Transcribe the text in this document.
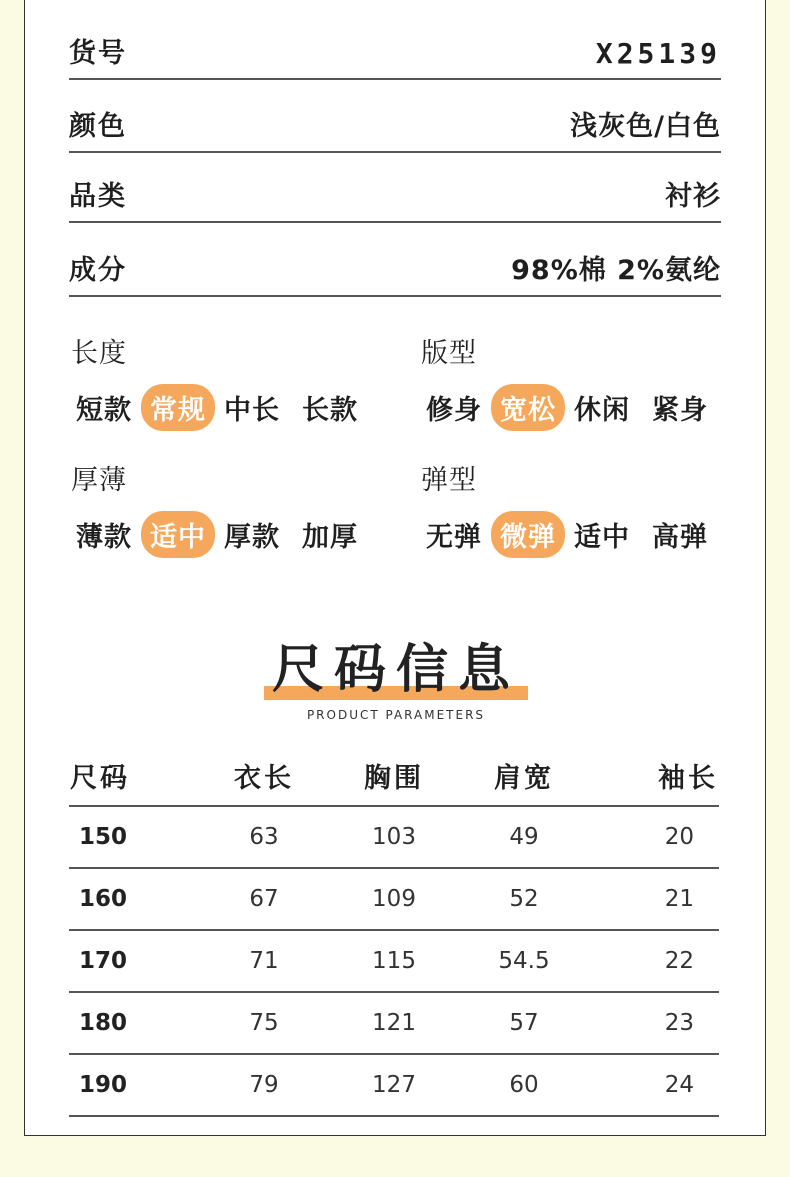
货号	X25139
颜色	浅灰色/白色
品类	衬衫
成分	98%棉 2%氨纶
长度
短款 常规 中长 长款
版型
修身 宽松 休闲 紧身
厚薄
薄款 适中 厚款 加厚
弹型
无弹 微弹 适中 高弹
尺码信息
PRODUCT PARAMETERS
尺码	衣长	胸围	肩宽	袖长
150	63	103	49	20
160	67	109	52	21
170	71	115	54.5	22
180	75	121	57	23
190	79	127	60	24
